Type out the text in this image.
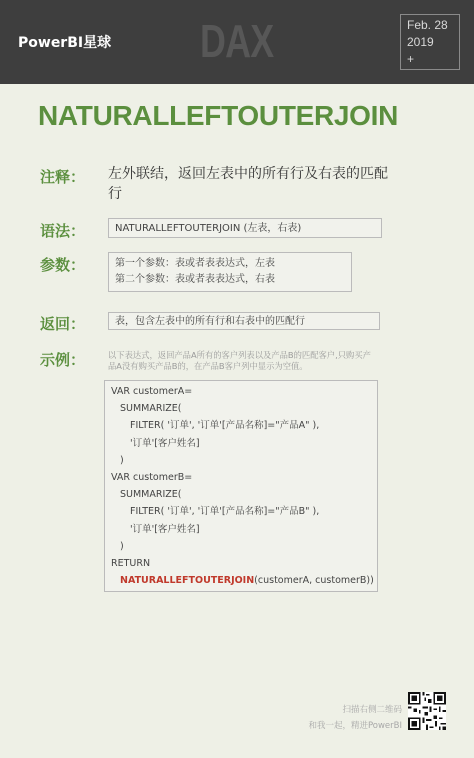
PowerBI星球 DAX	Feb. 28
2019
+
NATURALLEFTOUTERJOIN
注释： 左外联结，返回左表中的所有行及右表的匹配行
语法：	NATURALLEFTOUTERJOIN (左表，右表)
参数：	第一个参数：表或者表表达式，左表
第二个参数：表或者表表达式，右表
返回：	表，包含左表中的所有行和右表中的匹配行
示例：	以下表达式，返回产品A所有的客户列表以及产品B的匹配客户,只购买产品A没有购买产品B的，在产品B客户列中显示为空值。
VAR customerA=
SUMMARIZE(
FILTER( '订单', '订单'[产品名称]="产品A" ),
'订单'[客户姓名]
)
VAR customerB=
SUMMARIZE(
FILTER( '订单', '订单'[产品名称]="产品B" ),
'订单'[客户姓名]
)
RETURN
NATURALLEFTOUTERJOIN(customerA, customerB))
扫描右侧二维码
和我一起，精进PowerBI
